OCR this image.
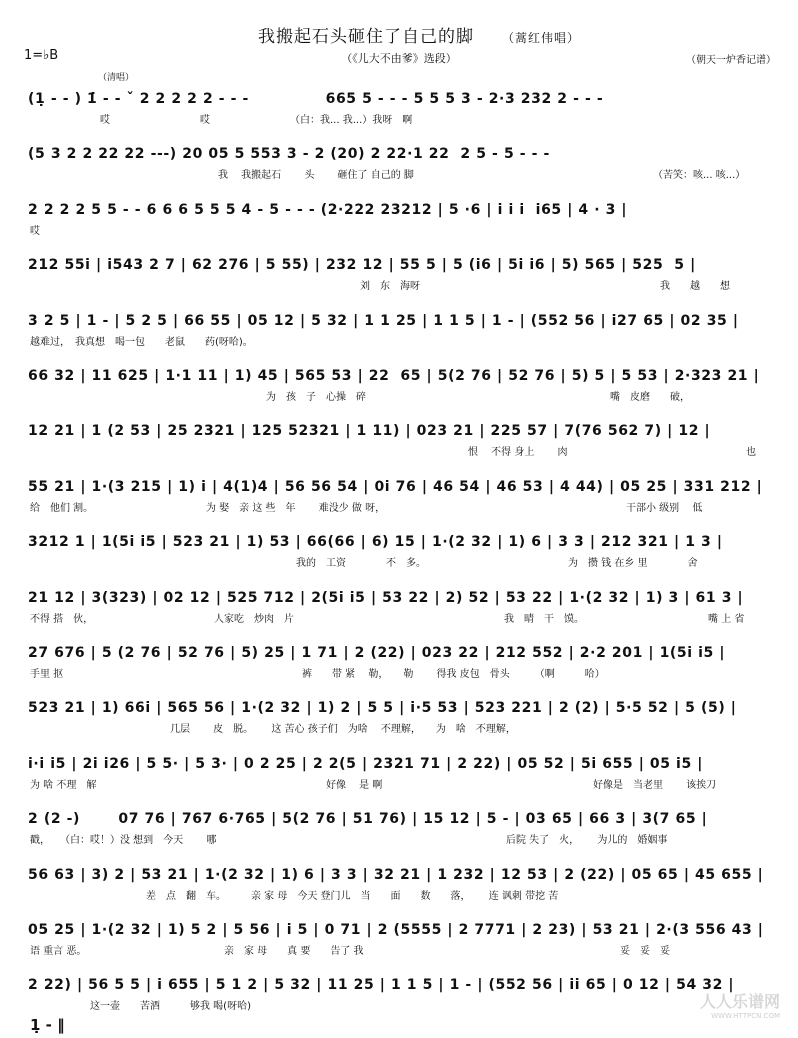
我搬起石头砸住了自己的脚 （蒿红伟唱）
1=♭B	（《儿大不由爹》选段）	（朝天一炉香记谱）
（清唱）
(1̣ - - ) 1̇ - - ˇ 2 2 2 2 2 - - -              665 5 - - - 5 5 5 3 - 2·3 232 2 - - -
哎	哎	（白：我... 我...）我呀　啊
(5 3 2 2 22 22 ---) 20 05 5 553 3 - 2 (20) 2 22·1 22  2 5 - 5 - - -
我　 我搬起石　　 头　　 砸住了 自己的 脚	（苦笑：咳... 咳...）
2 2 2 2 5 5 - - 6 6 6 5 5 5 4 - 5 - - - (2·222 23212 | 5 ·6 | i i i  i65 | 4 · 3 |
哎
212 55i | i543 2 7 | 62 276 | 5 55) | 232 12 | 55 5 | 5 (i6 | 5i i6 | 5) 565 | 525  5 |
刘　东　海呀	我　　越　　想
3 2 5 | 1 - | 5 2 5 | 66 55 | 05 12 | 5 32 | 1 1 25 | 1 1 5 | 1 - | (552 56 | i27 65 | 02 35 |
越难过，　我真想　喝一包　　老鼠　　药(呀哈)。
66 32 | 11 625 | 1·1 11 | 1) 45 | 565 53 | 22  65 | 5(2 76 | 52 76 | 5) 5 | 5 53 | 2·323 21 |
为　孩　子　心操　碎	嘴　皮磨　　破，
12 21 | 1 (2 53 | 25 2321 | 125 52321 | 1 11) | 023 21 | 225 57 | 7(76 562 7) | 12 |
恨　 不得 身上　　 肉	也
55 21 | 1·(3 215 | 1) i | 4(1)4 | 56 56 54 | 0i 76 | 46 54 | 46 53 | 4 44) | 05 25 | 331 212 |
给　他们 割。	为 娶　亲 这 些　年　　 难没少 做 呀，	干部小 级别　 低
3212 1 | 1(5i i5 | 523 21 | 1) 53 | 66(66 | 6) 15 | 1·(2 32 | 1) 6 | 3 3 | 212 321 | 1 3 |
我的　工资　　　　不　多。	为　攒 钱 在乡 里　　　　舍
21 12 | 3(323) | 02 12 | 525 712 | 2(5i i5 | 53 22 | 2) 52 | 53 22 | 1·(2 32 | 1) 3 | 61 3 |
不得 搭　伙，	人家吃　炒肉　片	我　晴　干　馍。	嘴 上 省
27 676 | 5 (2 76 | 52 76 | 5) 25 | 1 71 | 2 (22) | 023 22 | 212 552 | 2·2 201 | 1(5i i5 |
手里 抠	裤　　带 紧　 勒，　　勒　　 得我 皮包　骨头　　　（啊　　　哈）
523 21 | 1) 66i | 565 56 | 1·(2 32 | 1) 2 | 5 5 | i·5 53 | 523 221 | 2 (2) | 5·5 52 | 5 (5) |
几层　　 皮　脱。　　 这 苦心 孩子们　为啥　 不理解，　　为　啥　不理解，
i·i i5 | 2i i26 | 5 5· | 5 3· | 0 2 25 | 2 2(5 | 2321 71 | 2 22) | 05 52 | 5i 655 | 05 i5 |
为 啥 不理　解	好像　 是 啊	好像是　当老里　　 该挨刀
2 (2 -)       07 76 | 767 6·765 | 5(2 76 | 51 76) | 15 12 | 5 - | 03 65 | 66 3 | 3(7 65 |
戳，　　（白：哎！）没 想到　今天　　 哪	后院 失了　火，　　 为儿的　婚姻事
56 63 | 3) 2 | 53 21 | 1·(2 32 | 1) 6 | 3 3 | 32 21 | 1 232 | 12 53 | 2 (22) | 05 65 | 45 655 |
差　点　翻　车。　　　亲 家 母　今天 登门儿　当　　面　　数　　落，　　 连 讽刺 带挖 苦
05 25 | 1·(2 32 | 1) 5 2 | 5 56 | i 5 | 0 71 | 2 (5555 | 2 7771 | 2 23) | 53 21 | 2·(3 556 43 |
语 重言 恶。	亲　家 母　　真 要　　告了 我	妥　妥　妥
2 22) | 56 5 5 | i 655 | 5 1 2 | 5 32 | 11 25 | 1 1 5 | 1 - | (552 56 | ii 65 | 0 12 | 54 32 |
这一壶　　苦酒　　　够我 喝(呀哈)
1̣ - ‖
人人乐谱网
WWW.HTTPCN.COM
